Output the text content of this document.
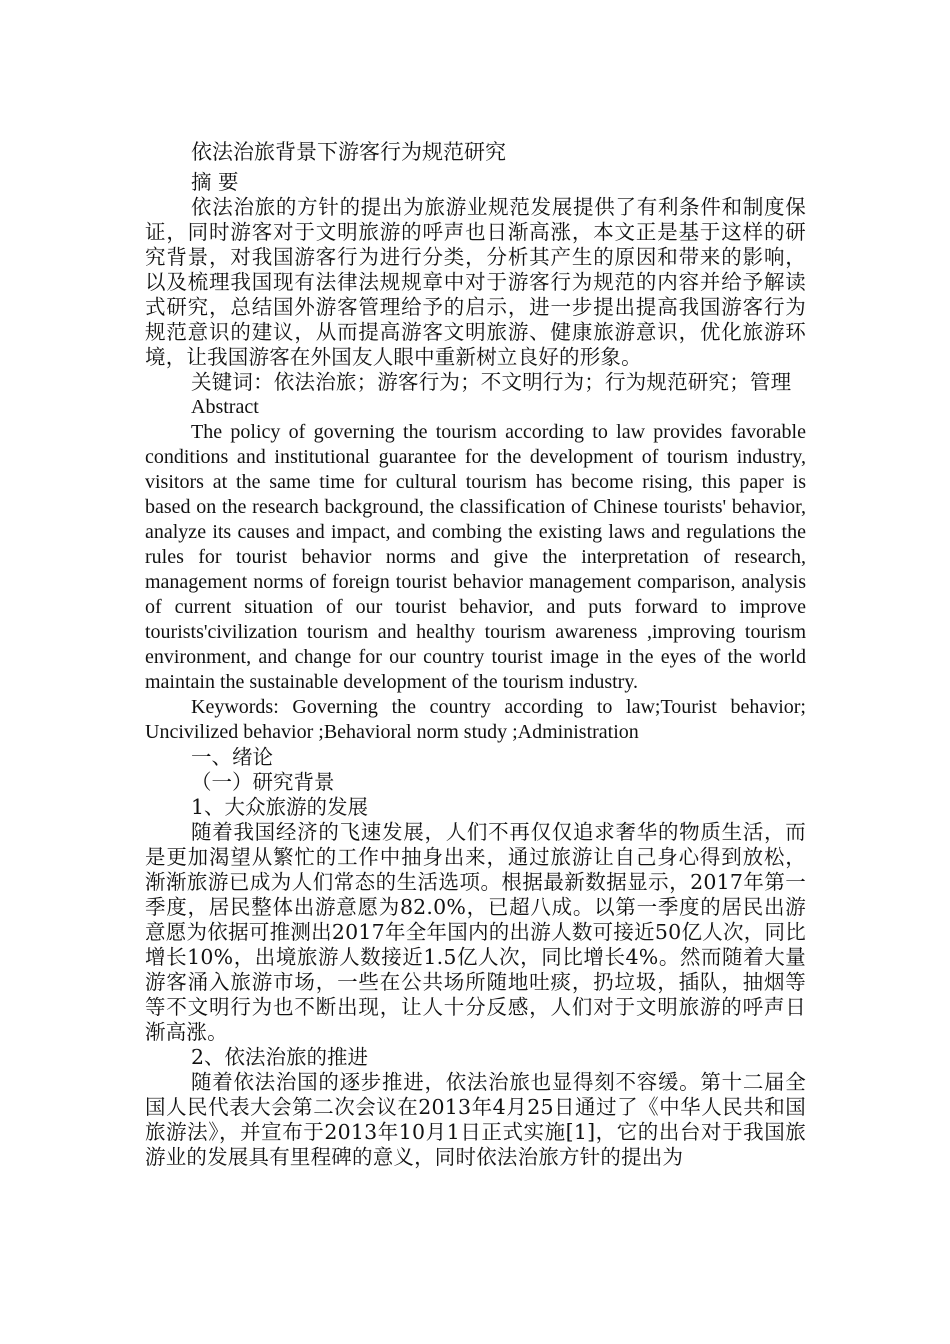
依法治旅背景下游客行为规范研究

摘 要

依法治旅的方针的提出为旅游业规范发展提供了有利条件和制度保证，同时游客对于文明旅游的呼声也日渐高涨，本文正是基于这样的研究背景，对我国游客行为进行分类，分析其产生的原因和带来的影响，以及梳理我国现有法律法规规章中对于游客行为规范的内容并给予解读式研究，总结国外游客管理给予的启示，进一步提出提高我国游客行为规范意识的建议，从而提高游客文明旅游、健康旅游意识，优化旅游环境，让我国游客在外国友人眼中重新树立良好的形象。

关键词：依法治旅；游客行为；不文明行为；行为规范研究；管理

Abstract

The policy of governing the tourism according to law provides favorable conditions and institutional guarantee for the development of tourism industry, visitors at the same time for cultural tourism has become rising, this paper is based on the research background, the classification of Chinese tourists' behavior, analyze its causes and impact, and combing the existing laws and regulations the rules for tourist behavior norms and give the interpretation of research, management norms of foreign tourist behavior management comparison, analysis of current situation of our tourist behavior, and puts forward to improve tourists'civilization tourism and healthy tourism awareness ,improving tourism environment, and change for our country tourist image in the eyes of the world maintain the sustainable development of the tourism industry.

Keywords: Governing the country according to law;Tourist behavior; Uncivilized behavior ;Behavioral norm study ;Administration

一、绪论

（一）研究背景

1、大众旅游的发展

随着我国经济的飞速发展，人们不再仅仅追求奢华的物质生活，而是更加渴望从繁忙的工作中抽身出来，通过旅游让自己身心得到放松，渐渐旅游已成为人们常态的生活选项。根据最新数据显示，2017年第一季度，居民整体出游意愿为82.0%，已超八成。以第一季度的居民出游意愿为依据可推测出2017年全年国内的出游人数可接近50亿人次，同比增长10%，出境旅游人数接近1.5亿人次，同比增长4%。然而随着大量游客涌入旅游市场，一些在公共场所随地吐痰，扔垃圾，插队，抽烟等等不文明行为也不断出现，让人十分反感，人们对于文明旅游的呼声日渐高涨。

2、依法治旅的推进

随着依法治国的逐步推进，依法治旅也显得刻不容缓。第十二届全国人民代表大会第二次会议在2013年4月25日通过了《中华人民共和国旅游法》，并宣布于2013年10月1日正式实施[1]，它的出台对于我国旅游业的发展具有里程碑的意义，同时依法治旅方针的提出为
